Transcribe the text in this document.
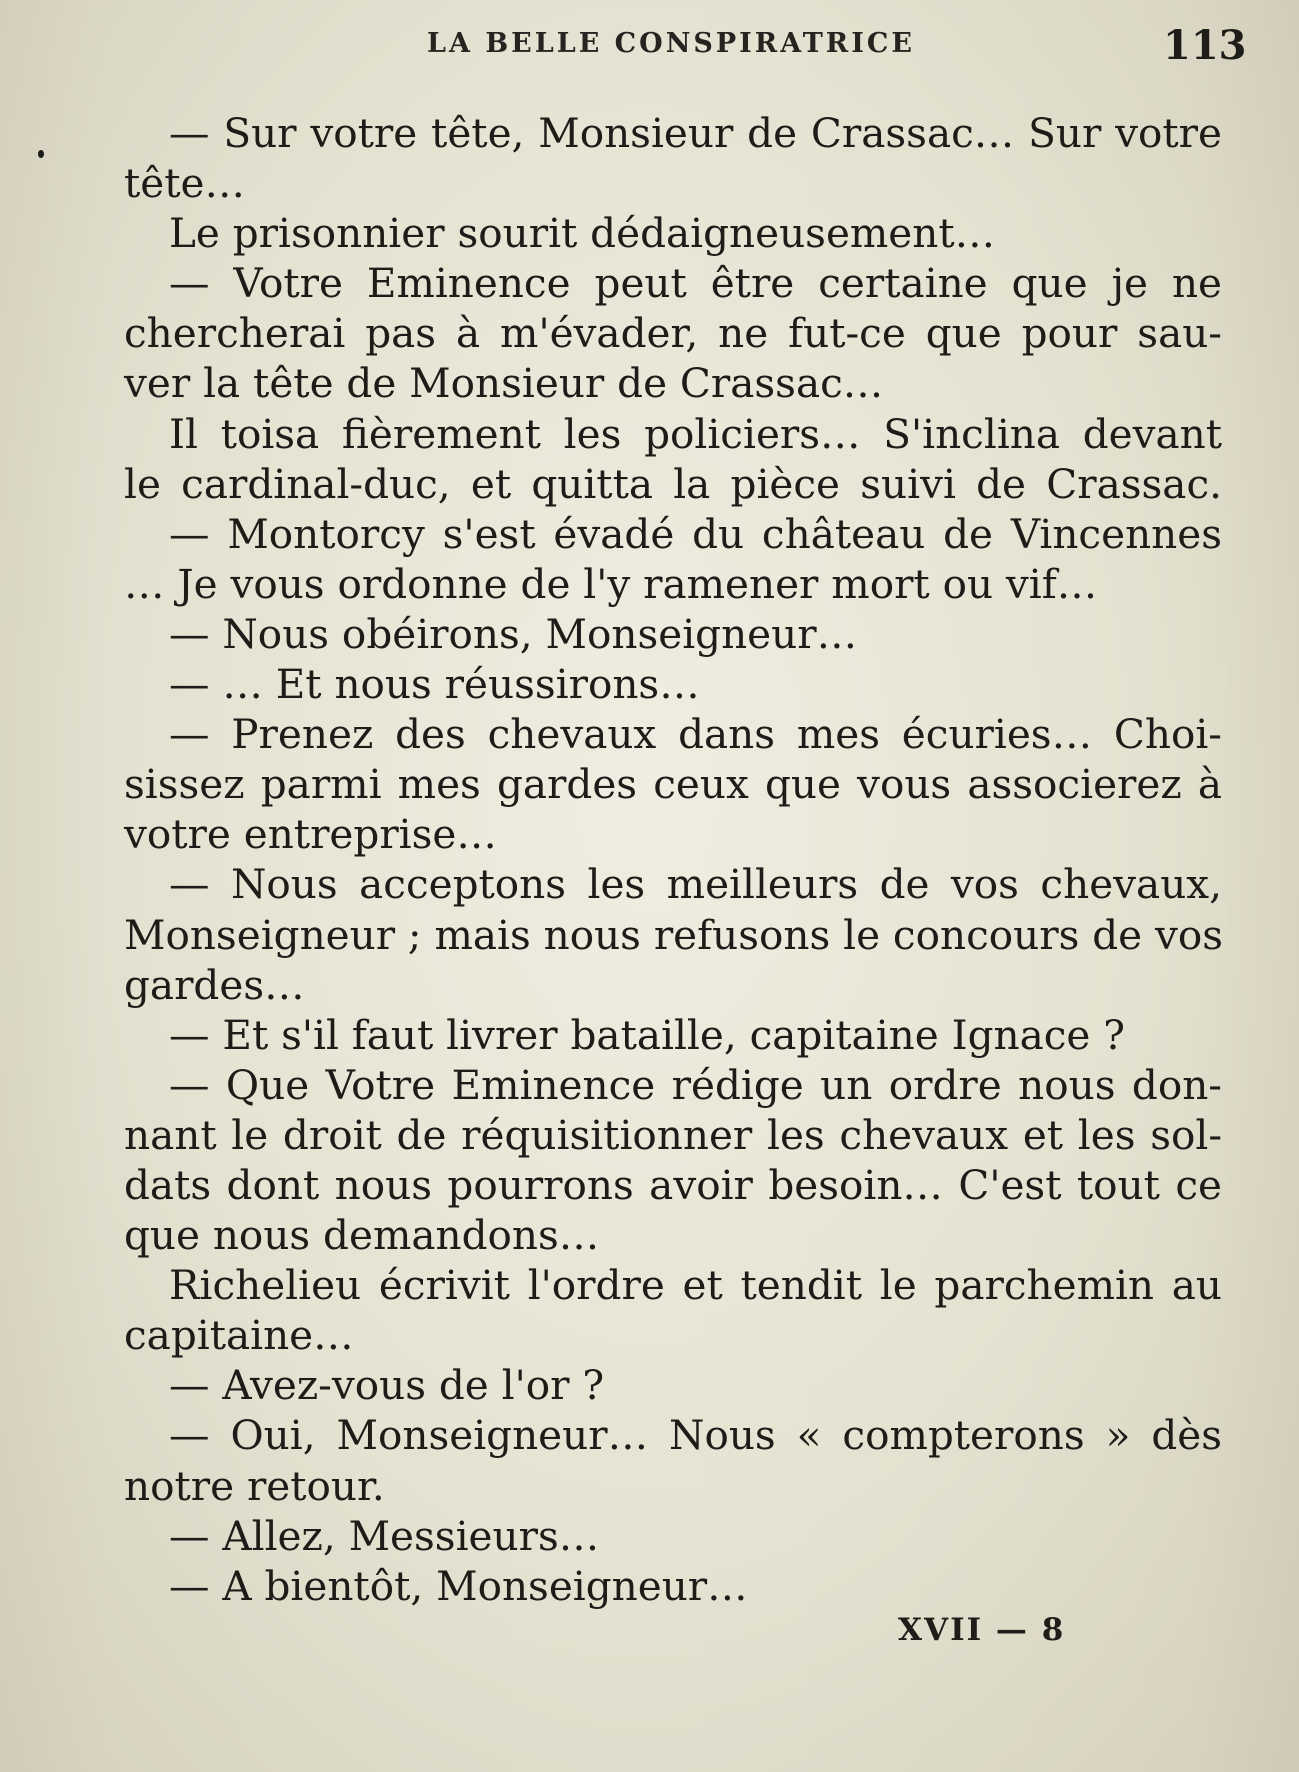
LA BELLE CONSPIRATRICE	113
— Sur votre tête, Monsieur de Crassac… Sur votre
tête…
Le prisonnier sourit dédaigneusement…
— Votre Eminence peut être certaine que je ne
chercherai pas à m'évader, ne fut-ce que pour sau-
ver la tête de Monsieur de Crassac…
Il toisa fièrement les policiers… S'inclina devant
le cardinal-duc, et quitta la pièce suivi de Crassac.
— Montorcy s'est évadé du château de Vincennes
… Je vous ordonne de l'y ramener mort ou vif…
— Nous obéirons, Monseigneur…
— … Et nous réussirons…
— Prenez des chevaux dans mes écuries… Choi-
sissez parmi mes gardes ceux que vous associerez à
votre entreprise…
— Nous acceptons les meilleurs de vos chevaux,
Monseigneur ; mais nous refusons le concours de vos
gardes…
— Et s'il faut livrer bataille, capitaine Ignace ?
— Que Votre Eminence rédige un ordre nous don-
nant le droit de réquisitionner les chevaux et les sol-
dats dont nous pourrons avoir besoin… C'est tout ce
que nous demandons…
Richelieu écrivit l'ordre et tendit le parchemin au
capitaine…
— Avez-vous de l'or ?
— Oui, Monseigneur… Nous « compterons » dès
notre retour.
— Allez, Messieurs…
— A bientôt, Monseigneur…
XVII — 8
